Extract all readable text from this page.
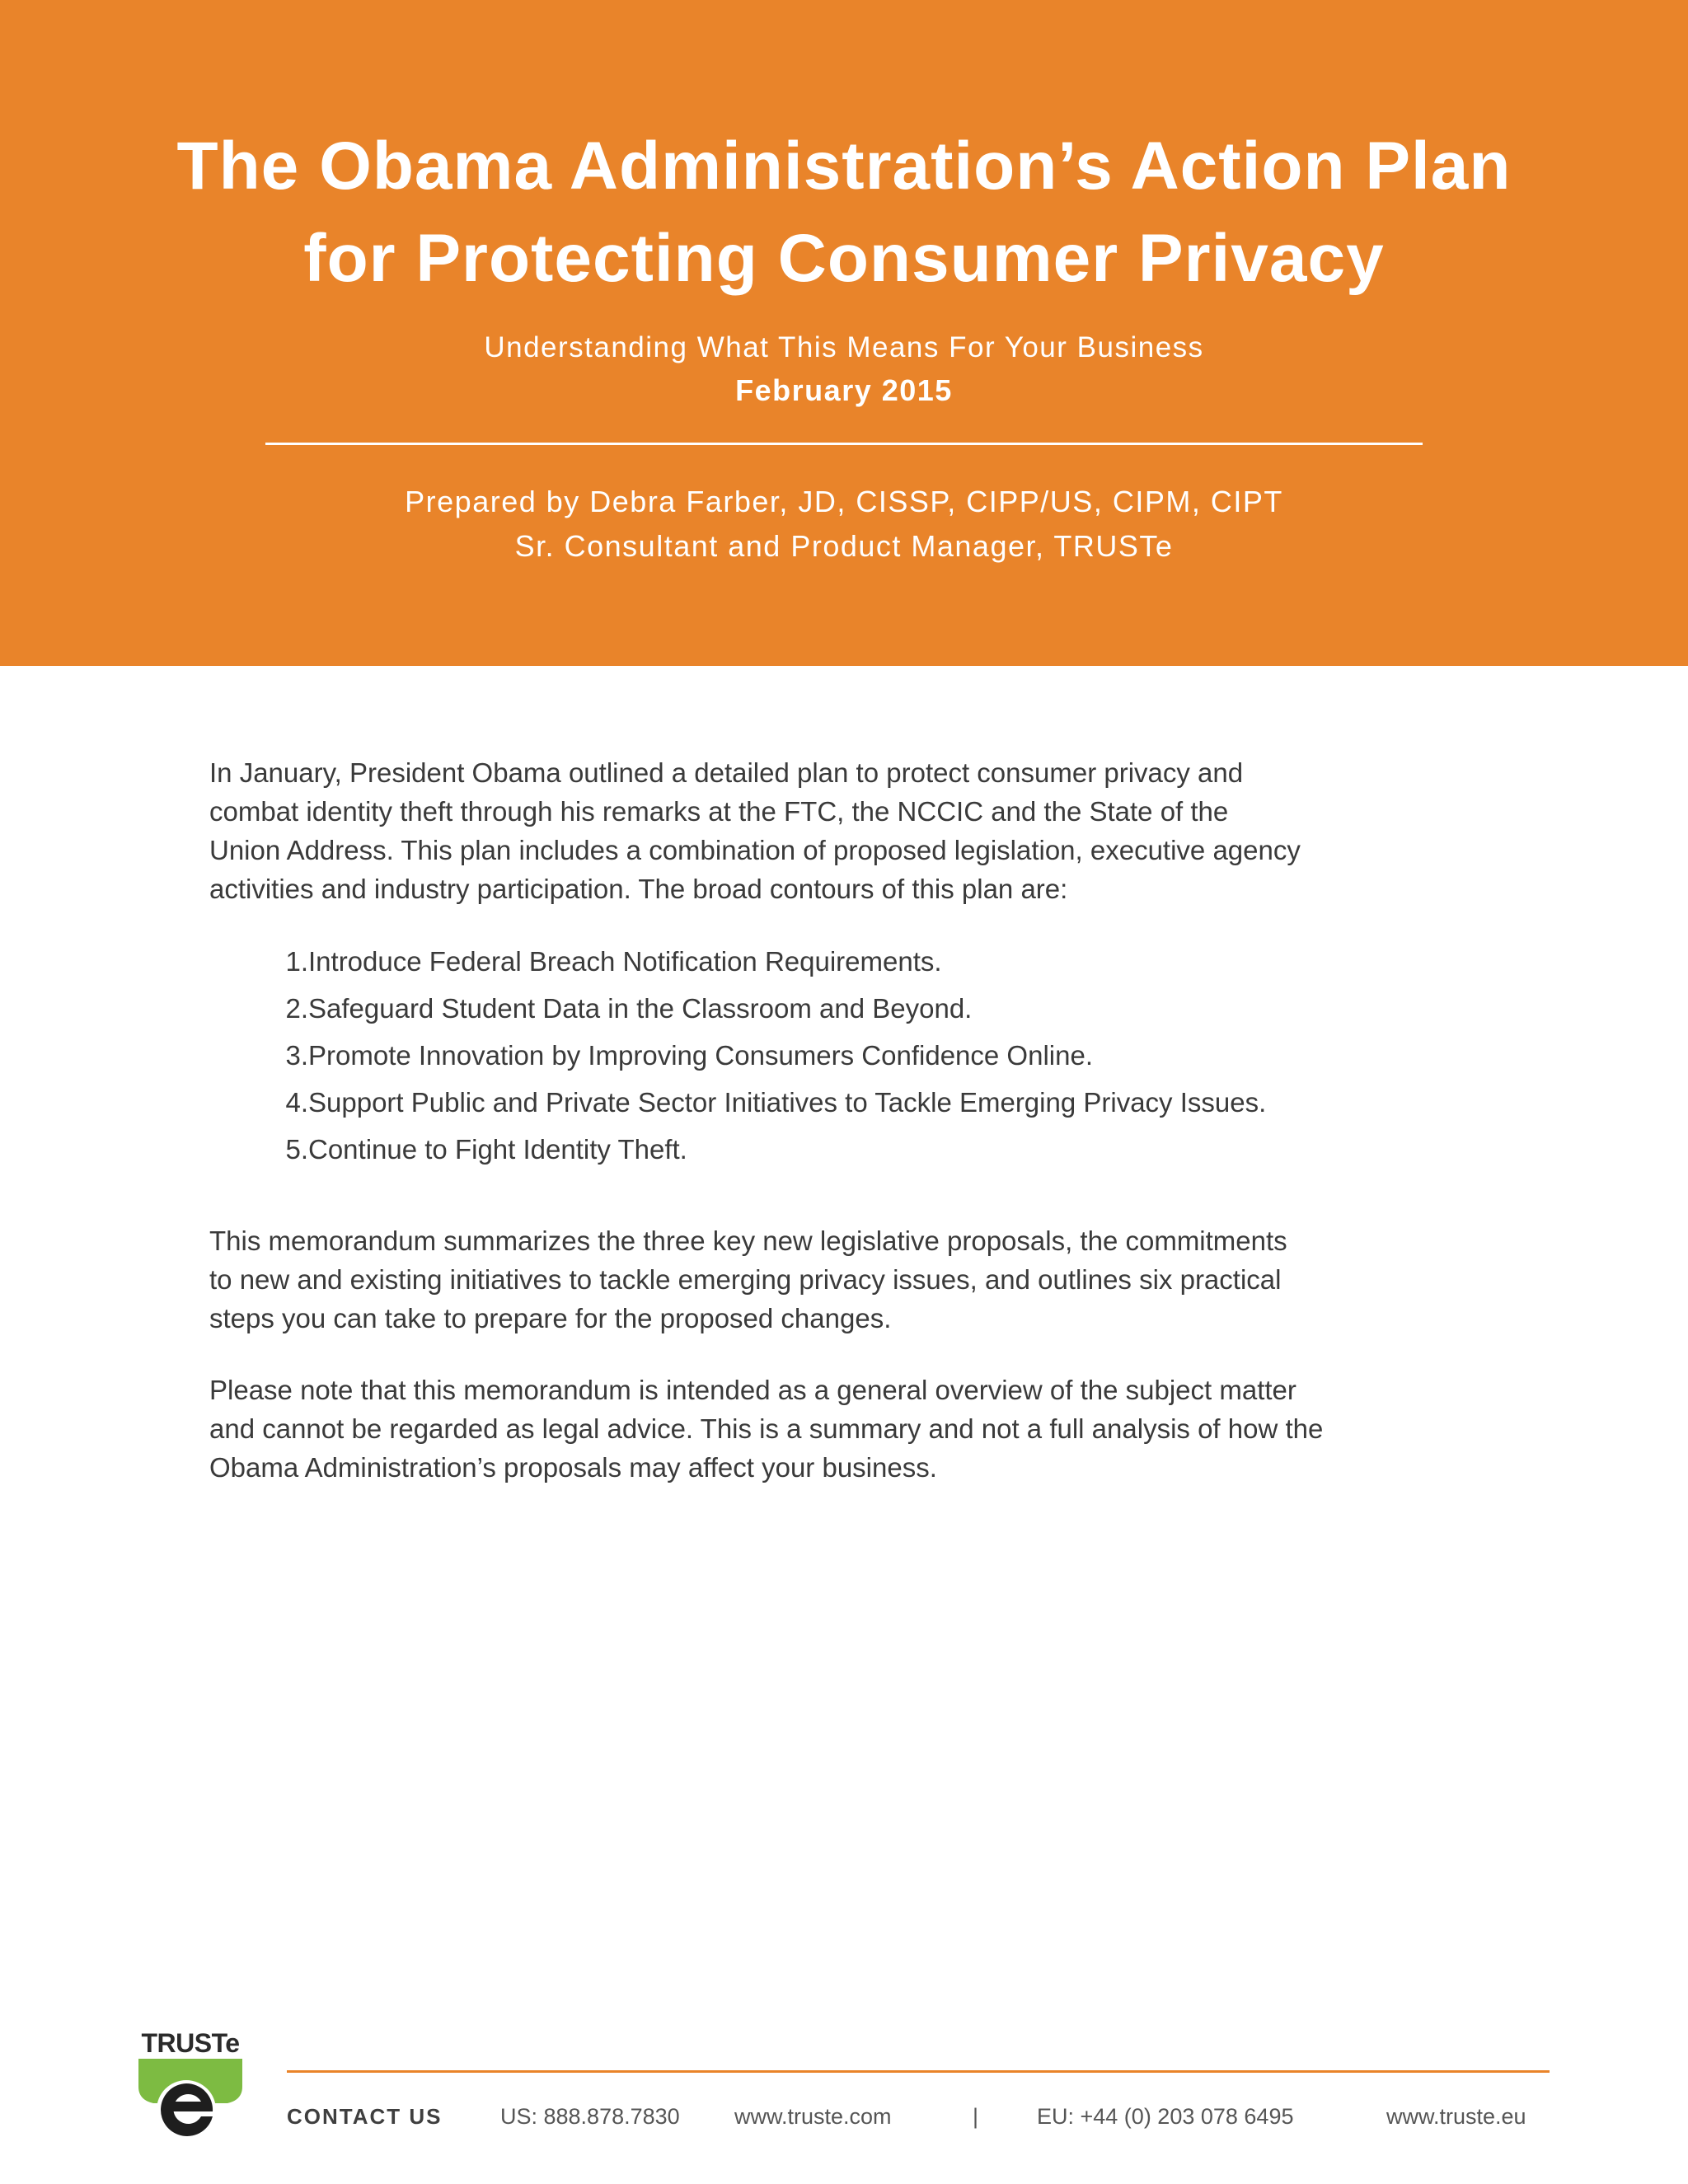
The Obama Administration’s Action Plan
for Protecting Consumer Privacy
Understanding What This Means For Your Business
February 2015
Prepared by Debra Farber, JD, CISSP, CIPP/US, CIPM, CIPT
Sr. Consultant and Product Manager, TRUSTe
In January, President Obama outlined a detailed plan to protect consumer privacy and
combat identity theft through his remarks at the FTC, the NCCIC and the State of the
Union Address. This plan includes a combination of proposed legislation, executive agency
activities and industry participation. The broad contours of this plan are:
1.Introduce Federal Breach Notification Requirements.
2.Safeguard Student Data in the Classroom and Beyond.
3.Promote Innovation by Improving Consumers Confidence Online.
4.Support Public and Private Sector Initiatives to Tackle Emerging Privacy Issues.
5.Continue to Fight Identity Theft.
This memorandum summarizes the three key new legislative proposals, the commitments
to new and existing initiatives to tackle emerging privacy issues, and outlines six practical
steps you can take to prepare for the proposed changes.
Please note that this memorandum is intended as a general overview of the subject matter
and cannot be regarded as legal advice. This is a summary and not a full analysis of how the
Obama Administration’s proposals may affect your business.
TRUSTe
CONTACT US	US: 888.878.7830 www.truste.com	|	EU: +44 (0) 203 078 6495	www.truste.eu
